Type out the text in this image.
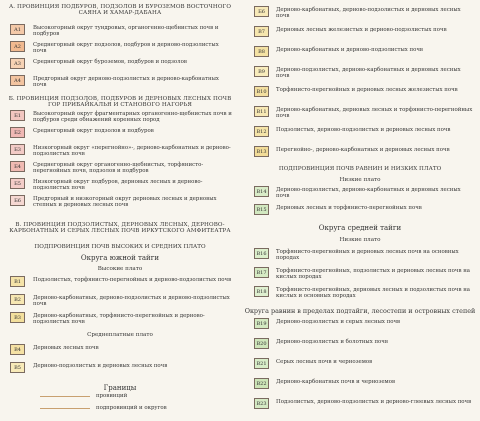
А. ПРОВИНЦИЯ ПОДБУРОВ, ПОДЗОЛОВ И БУРОЗЕМОВ ВОСТОЧНОГО САЯНА И ХАМАР-ДАБАНА
А1	Высокогорный округ тундровых, органогенно-щебнистых почв и подбуров
А2	Среднегорный округ подзолов, подбуров и дерново-подзолистых почв
А3	Среднегорный округ буроземов, подбуров и подзолов
А4	Предгорный округ дерново-подзолистых и дерново-карбонатных почв
Б. ПРОВИНЦИЯ ПОДЗОЛОВ, ПОДБУРОВ И ДЕРНОВЫХ ЛЕСНЫХ ПОЧВ ГОР ПРИБАЙКАЛЬЯ И СТАНОВОГО НАГОРЬЯ
Б1	Высокогорный округ фрагментарных органогенно-щебнистых почв и подбуров среди обнажений коренных пород
Б2	Среднегорный округ подзолов и подбуров
Б3	Низкогорный округ «перегнойно»-, дерново-карбонатных и дерново-подзолистых почв
Б4	Среднегорный округ органогенно-щебнистых, торфянисто-перегнойных почв, подзолов и подбуров
Б5	Низкогорный округ подбуров, дерновых лесных и дерново-подзолистых почв
Б6	Предгорный и низкогорный округ дерновых лесных и дерновых степных и дерновых лесных почв
В. ПРОВИНЦИЯ ПОДЗОЛИСТЫХ, ДЕРНОВЫХ ЛЕСНЫХ, ДЕРНОВО-КАРБОНАТНЫХ И СЕРЫХ ЛЕСНЫХ ПОЧВ ИРКУТСКОГО АМФИТЕАТРА
ПОДПРОВИНЦИЯ ПОЧВ ВЫСОКИХ И СРЕДНИХ ПЛАТО
Округа южной тайги
Высокие плато
В1	Подзолистых, торфянисто-перегнойных и дерново-подзолистых почв
В2	Дерново-карбонатных, дерново-подзолистых и дерново-подзолистых почв
В3	Дерново-карбонатных, торфянисто-перегнойных и дерново-подзолистых почв
Среднеплатные плато
В4	Дерновых лесных почв
В5	Дерново-подзолистых и дерновых лесных почв
Границы
провинций
подпровинций и округов
Б6	Дерново-карбонатных, дерново-подзолистых и дерновых лесных почв
В7	Дерновых лесных железистых и дерново-подзолистых почв
В8	Дерново-карбонатных и дерново-подзолистых почв
В9	Дерново-подзолистых, дерново-карбонатных и дерновых лесных почв
В10	Торфянисто-перегнойных и дерновых лесных железистых почв
В11	Дерново-карбонатных, дерновых лесных и торфянисто-перегнойных почв
В12	Подзолистых, дерново-подзолистых и дерновых лесных почв
В13	Перегнойно-, дерново-карбонатных и дерновых лесных почв
ПОДПРОВИНЦИЯ ПОЧВ РАВНИН И НИЗКИХ ПЛАТО
Низкие плато
В14	Дерново-подзолистых, дерново-карбонатных и дерновых лесных почв
В15	Дерновых лесных и торфянисто-перегнойных почв
Округа средней тайги
Низкие плато
В16	Торфянисто-перегнойных и дерновых лесных почв на основных породах
В17	Торфянисто-перегнойных, подзолистых и дерновых лесных почв на кислых породах
В18	Торфянисто-перегнойных, дерновых лесных и подзолистых почв на кислых и основных породах
Округа равнин в пределах подтайги, лесостепи и островных степей
В19	Дерново-подзолистых и серых лесных почв
В20	Дерново-подзолистых и болотных почв
В21	Серых лесных почв и черноземов
В22	Дерново-карбонатных почв и черноземов
В23	Подзолистых, дерново-подзолистых и дерново-глеевых лесных почв
